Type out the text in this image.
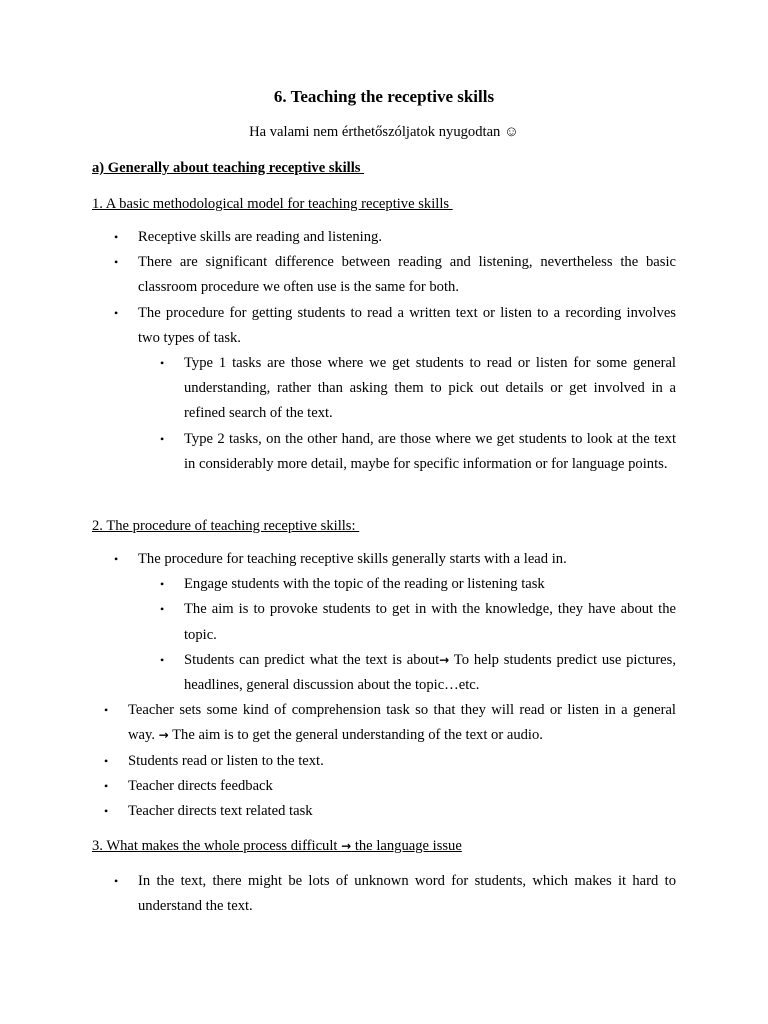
6. Teaching the receptive skills
Ha valami nem érthetőszóljatok nyugodtan ☺
a) Generally about teaching receptive skills
1. A basic methodological model for teaching receptive skills
• Receptive skills are reading and listening.
• There are significant difference between reading and listening, nevertheless the basic classroom procedure we often use is the same for both.
• The procedure for getting students to read a written text or listen to a recording involves two types of task.
• Type 1 tasks are those where we get students to read or listen for some general understanding, rather than asking them to pick out details or get involved in a refined search of the text.
• Type 2 tasks, on the other hand, are those where we get students to look at the text in considerably more detail, maybe for specific information or for language points.
2. The procedure of teaching receptive skills:
• The procedure for teaching receptive skills generally starts with a lead in.
• Engage students with the topic of the reading or listening task
• The aim is to provoke students to get in with the knowledge, they have about the topic.
• Students can predict what the text is about→ To help students predict use pictures, headlines, general discussion about the topic…etc.
• Teacher sets some kind of comprehension task so that they will read or listen in a general way. → The aim is to get the general understanding of the text or audio.
• Students read or listen to the text.
• Teacher directs feedback
• Teacher directs text related task
3. What makes the whole process difficult → the language issue
• In the text, there might be lots of unknown word for students, which makes it hard to understand the text.
